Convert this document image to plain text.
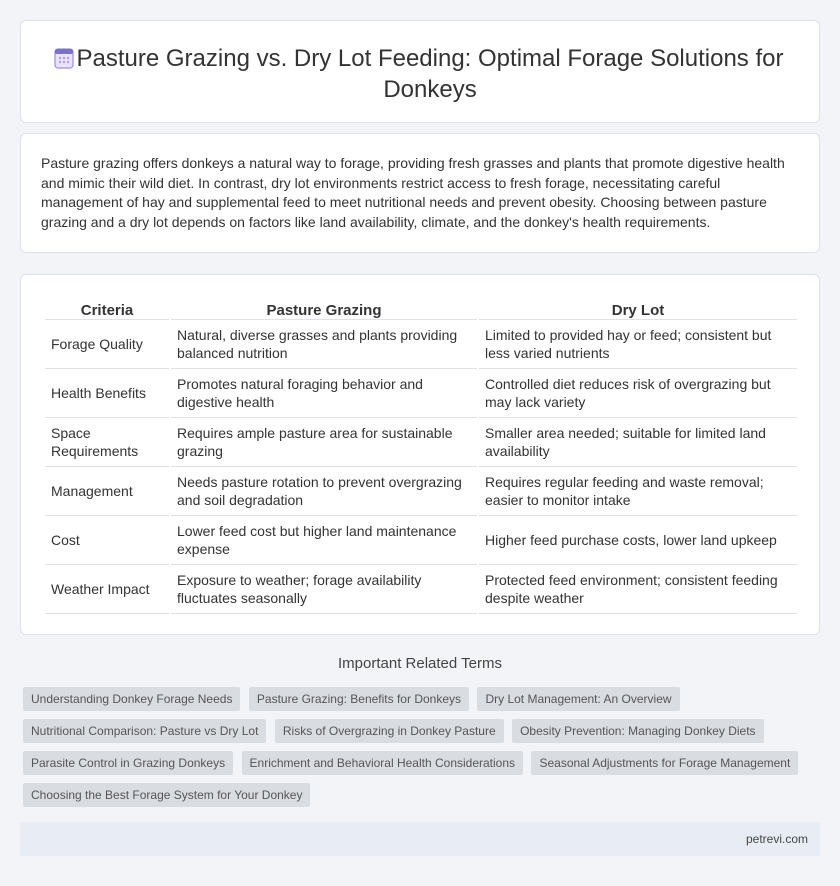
Pasture Grazing vs. Dry Lot Feeding: Optimal Forage Solutions for Donkeys

Pasture grazing offers donkeys a natural way to forage, providing fresh grasses and plants that promote digestive health and mimic their wild diet. In contrast, dry lot environments restrict access to fresh forage, necessitating careful management of hay and supplemental feed to meet nutritional needs and prevent obesity. Choosing between pasture grazing and a dry lot depends on factors like land availability, climate, and the donkey's health requirements.

Criteria	Pasture Grazing	Dry Lot
Forage Quality	Natural, diverse grasses and plants providing balanced nutrition	Limited to provided hay or feed; consistent but less varied nutrients
Health Benefits	Promotes natural foraging behavior and digestive health	Controlled diet reduces risk of overgrazing but may lack variety
Space Requirements	Requires ample pasture area for sustainable grazing	Smaller area needed; suitable for limited land availability
Management	Needs pasture rotation to prevent overgrazing and soil degradation	Requires regular feeding and waste removal; easier to monitor intake
Cost	Lower feed cost but higher land maintenance expense	Higher feed purchase costs, lower land upkeep
Weather Impact	Exposure to weather; forage availability fluctuates seasonally	Protected feed environment; consistent feeding despite weather
Important Related Terms
Understanding Donkey Forage Needs Pasture Grazing: Benefits for Donkeys Dry Lot Management: An Overview
Nutritional Comparison: Pasture vs Dry Lot Risks of Overgrazing in Donkey Pasture Obesity Prevention: Managing Donkey Diets
Parasite Control in Grazing Donkeys Enrichment and Behavioral Health Considerations Seasonal Adjustments for Forage Management
Choosing the Best Forage System for Your Donkey
petrevi.com
